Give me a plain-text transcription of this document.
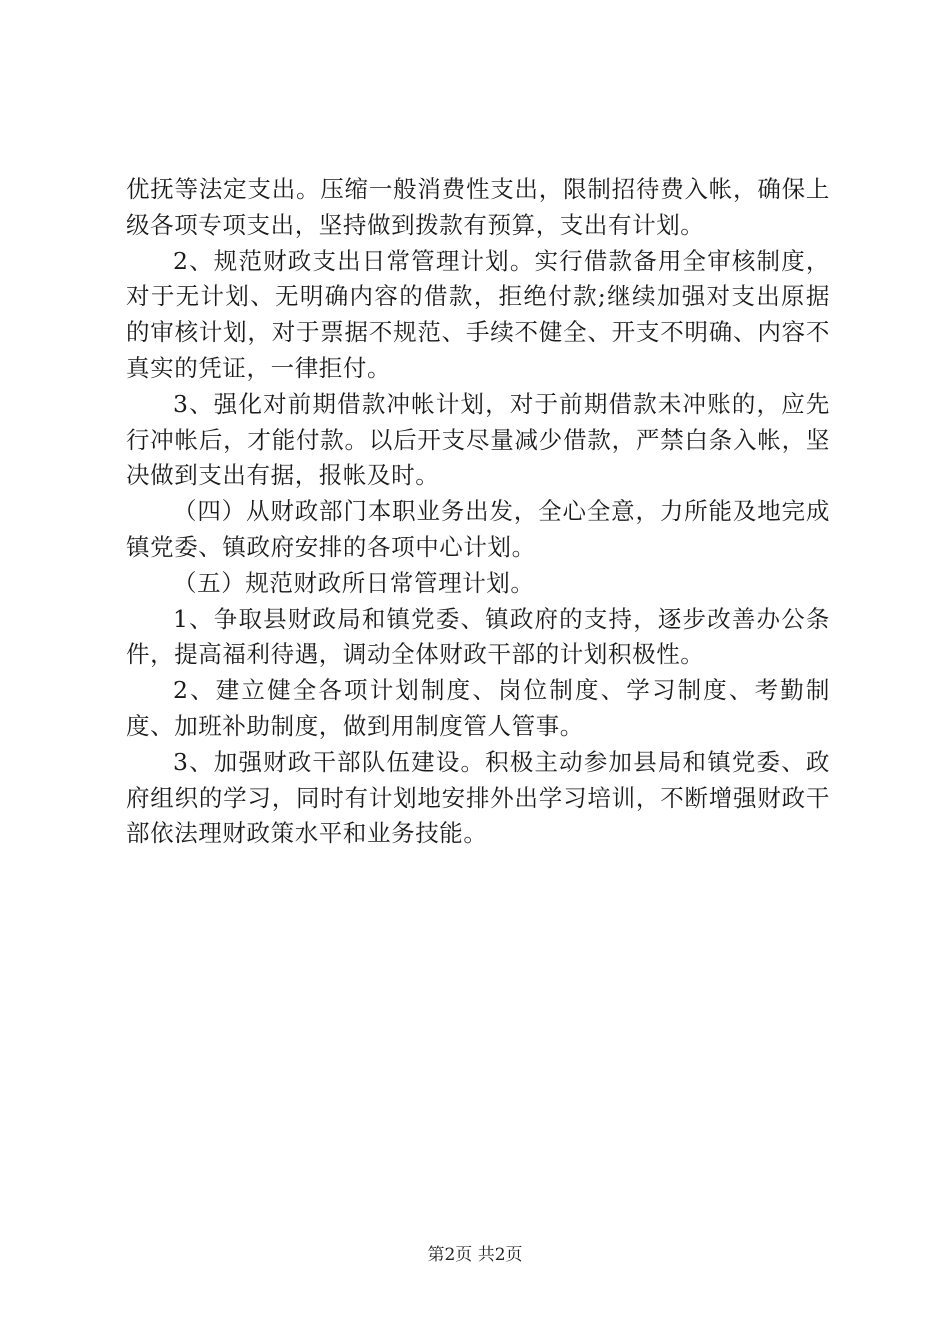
优抚等法定支出。压缩一般消费性支出，限制招待费入帐，确保上级各项专项支出，坚持做到拨款有预算，支出有计划。

2、规范财政支出日常管理计划。实行借款备用全审核制度，对于无计划、无明确内容的借款，拒绝付款;继续加强对支出原据的审核计划，对于票据不规范、手续不健全、开支不明确、内容不真实的凭证，一律拒付。

3、强化对前期借款冲帐计划，对于前期借款未冲账的，应先行冲帐后，才能付款。以后开支尽量减少借款，严禁白条入帐，坚决做到支出有据，报帐及时。

（四）从财政部门本职业务出发，全心全意，力所能及地完成镇党委、镇政府安排的各项中心计划。

（五）规范财政所日常管理计划。

1、争取县财政局和镇党委、镇政府的支持，逐步改善办公条件，提高福利待遇，调动全体财政干部的计划积极性。

2、建立健全各项计划制度、岗位制度、学习制度、考勤制度、加班补助制度，做到用制度管人管事。

3、加强财政干部队伍建设。积极主动参加县局和镇党委、政府组织的学习，同时有计划地安排外出学习培训，不断增强财政干部依法理财政策水平和业务技能。

第2页 共2页
